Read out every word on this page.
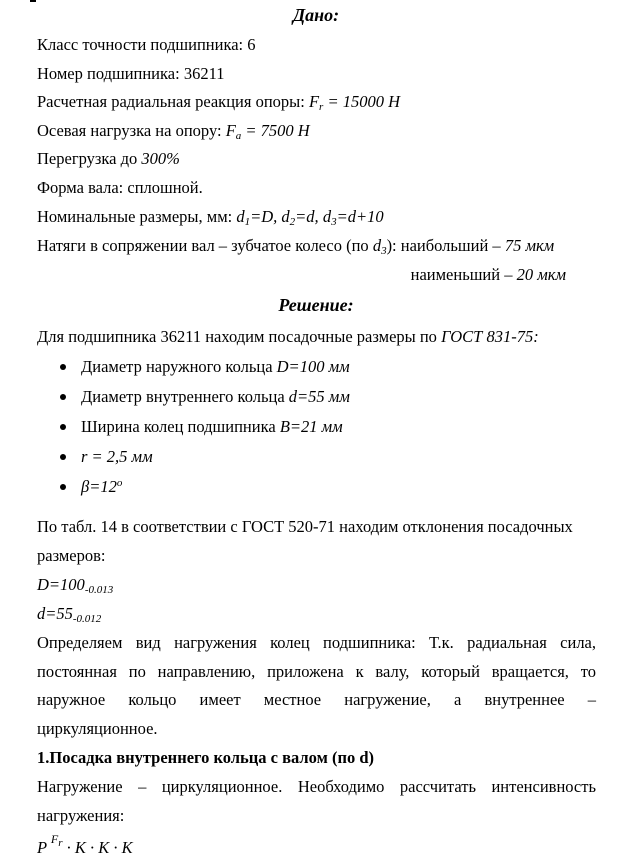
Дано:
Класс точности подшипника: 6
Номер подшипника: 36211
Расчетная радиальная реакция опоры: $F_r = 15000$ Н
Осевая нагрузка на опору: $F_a = 7500$ Н
Перегрузка до 300%
Форма вала: сплошной.
Номинальные размеры, мм: $d_1=D$, $d_2=d$, $d_3=d+10$
Натяги в сопряжении вал – зубчатое колесо (по $d_3$): наибольший – 75 мкм
наименьший – 20 мкм
Решение:
Для подшипника 36211 находим посадочные размеры по ГОСТ 831-75:
Диаметр наружного кольца D=100 мм
Диаметр внутреннего кольца d=55 мм
Ширина колец подшипника B=21 мм
r = 2,5 мм
$\beta=12^o$
По табл. 14 в соответствии с ГОСТ 520-71 находим отклонения посадочных
размеров:
$D=100_{-0.013}$
$d=55_{-0.012}$
Определяем вид нагружения колец подшипника: Т.к. радиальная сила,
постоянная по направлению, приложена к валу, который вращается, то
наружное кольцо имеет местное нагружение, а внутреннее –
циркуляционное.
1.Посадка внутреннего кольца с валом (по d)
Нагружение – циркуляционное. Необходимо рассчитать интенсивность
нагружения:
P $^{F_r}$ · K · K · K
